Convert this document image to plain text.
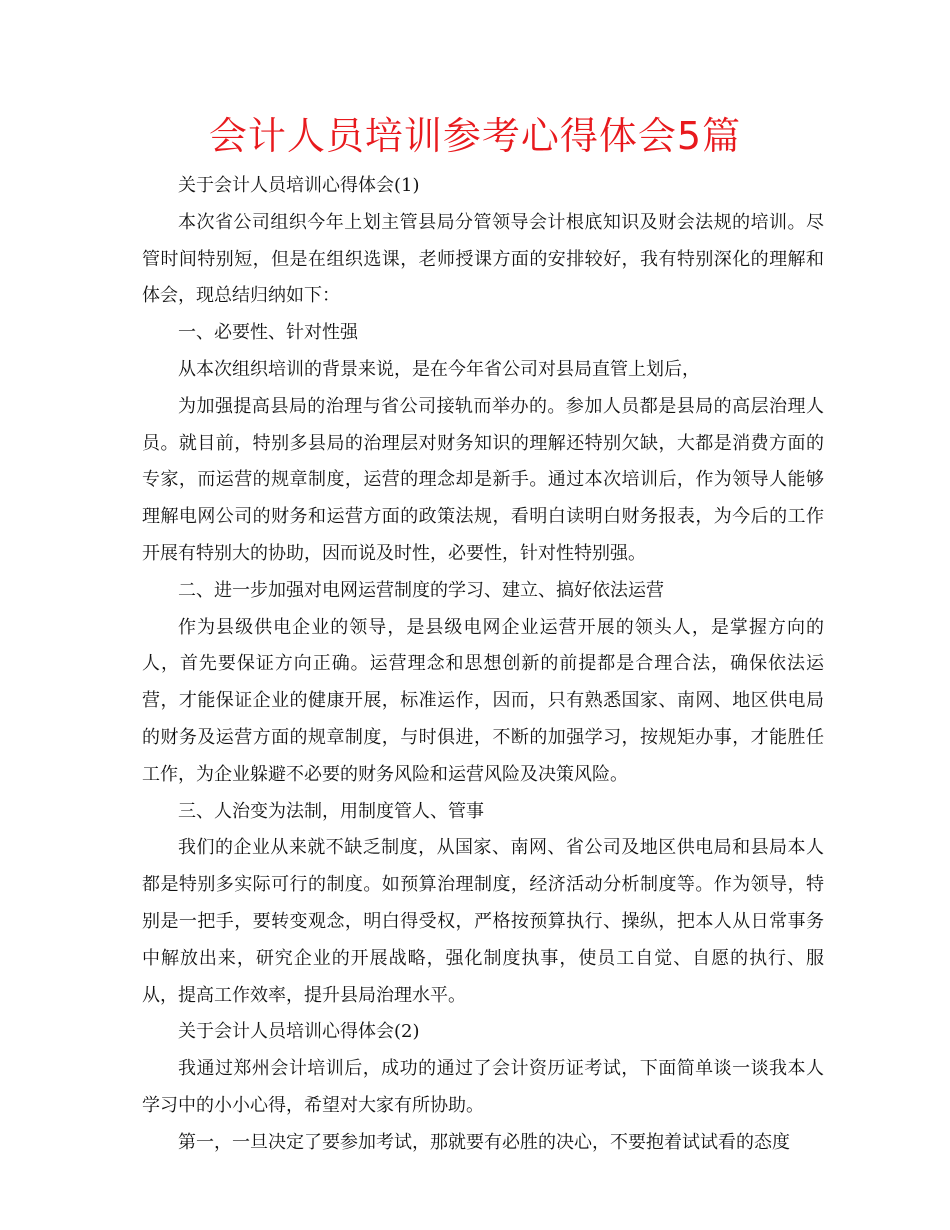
会计人员培训参考心得体会5篇

关于会计人员培训心得体会(1)

本次省公司组织今年上划主管县局分管领导会计根底知识及财会法规的培训。尽管时间特别短，但是在组织选课，老师授课方面的安排较好，我有特别深化的理解和体会，现总结归纳如下：

一、必要性、针对性强

从本次组织培训的背景来说，是在今年省公司对县局直管上划后，

为加强提高县局的治理与省公司接轨而举办的。参加人员都是县局的高层治理人员。就目前，特别多县局的治理层对财务知识的理解还特别欠缺，大都是消费方面的专家，而运营的规章制度，运营的理念却是新手。通过本次培训后，作为领导人能够理解电网公司的财务和运营方面的政策法规，看明白读明白财务报表，为今后的工作开展有特别大的协助，因而说及时性，必要性，针对性特别强。

二、进一步加强对电网运营制度的学习、建立、搞好依法运营

作为县级供电企业的领导，是县级电网企业运营开展的领头人，是掌握方向的人，首先要保证方向正确。运营理念和思想创新的前提都是合理合法，确保依法运营，才能保证企业的健康开展，标准运作，因而，只有熟悉国家、南网、地区供电局的财务及运营方面的规章制度，与时俱进，不断的加强学习，按规矩办事，才能胜任工作，为企业躲避不必要的财务风险和运营风险及决策风险。

三、人治变为法制，用制度管人、管事

我们的企业从来就不缺乏制度，从国家、南网、省公司及地区供电局和县局本人都是特别多实际可行的制度。如预算治理制度，经济活动分析制度等。作为领导，特别是一把手，要转变观念，明白得受权，严格按预算执行、操纵，把本人从日常事务中解放出来，研究企业的开展战略，强化制度执事，使员工自觉、自愿的执行、服从，提高工作效率，提升县局治理水平。

关于会计人员培训心得体会(2)

我通过郑州会计培训后，成功的通过了会计资历证考试，下面简单谈一谈我本人学习中的小小心得，希望对大家有所协助。

第一，一旦决定了要参加考试，那就要有必胜的决心，不要抱着试试看的态度
